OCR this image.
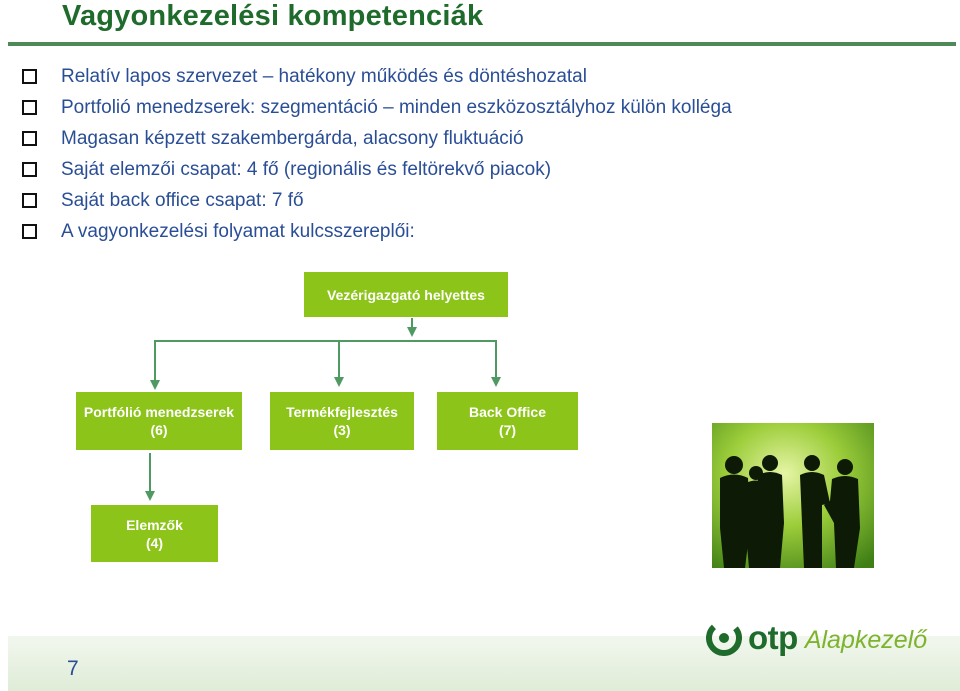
Vagyonkezelési kompetenciák
Relatív lapos szervezet – hatékony működés és döntéshozatal
Portfolió menedzserek: szegmentáció – minden eszközosztályhoz külön kolléga
Magasan képzett szakembergárda, alacsony fluktuáció
Saját elemzői csapat: 4 fő (regionális és feltörekvő piacok)
Saját back office csapat: 7 fő
A vagyonkezelési folyamat kulcsszereplői:
Vezérigazgató helyettes
Portfólió menedzserek
(6)
Termékfejlesztés
(3)
Back Office
(7)
Elemzők
(4)
7
otp Alapkezelő
